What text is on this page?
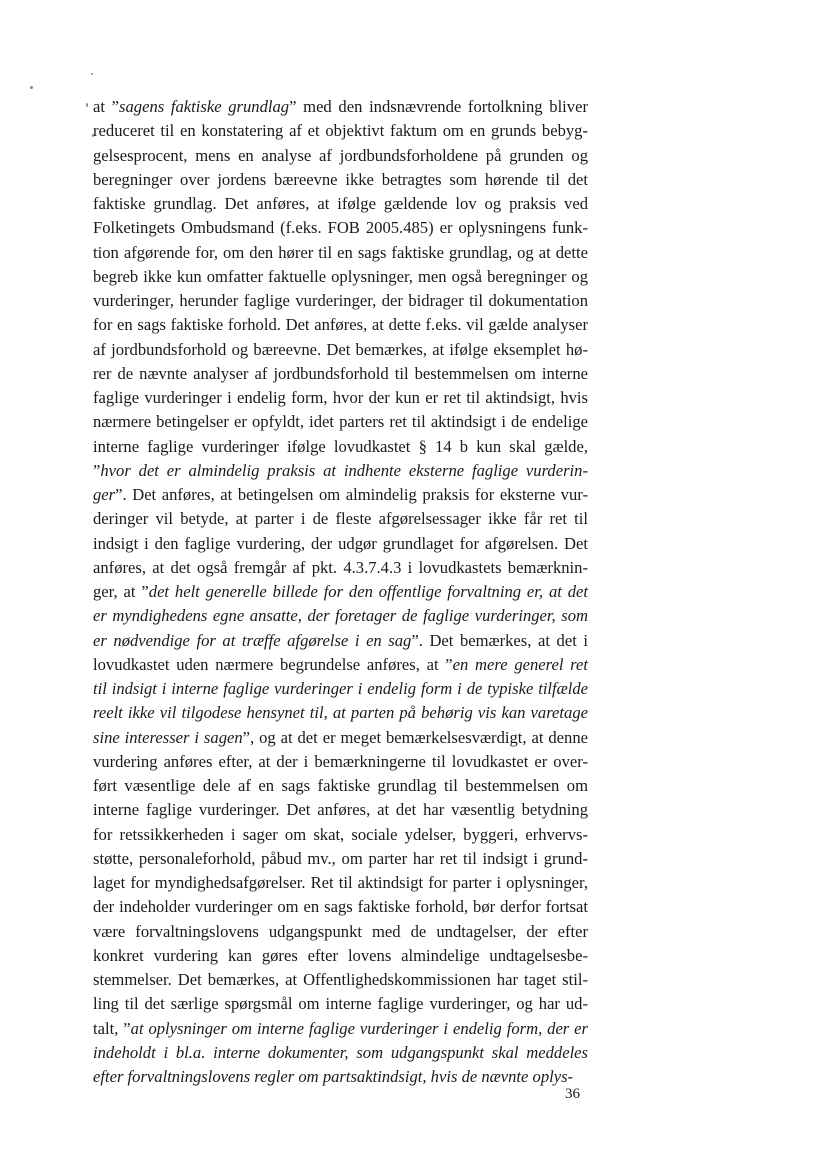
at ”sagens faktiske grundlag” med den indsnævrende fortolkning bliver
reduceret til en konstatering af et objektivt faktum om en grunds bebyg-
gelsesprocent, mens en analyse af jordbundsforholdene på grunden og
beregninger over jordens bæreevne ikke betragtes som hørende til det
faktiske grundlag. Det anføres, at ifølge gældende lov og praksis ved
Folketingets Ombudsmand (f.eks. FOB 2005.485) er oplysningens funk-
tion afgørende for, om den hører til en sags faktiske grundlag, og at dette
begreb ikke kun omfatter faktuelle oplysninger, men også beregninger og
vurderinger, herunder faglige vurderinger, der bidrager til dokumentation
for en sags faktiske forhold. Det anføres, at dette f.eks. vil gælde analyser
af jordbundsforhold og bæreevne. Det bemærkes, at ifølge eksemplet hø-
rer de nævnte analyser af jordbundsforhold til bestemmelsen om interne
faglige vurderinger i endelig form, hvor der kun er ret til aktindsigt, hvis
nærmere betingelser er opfyldt, idet parters ret til aktindsigt i de endelige
interne faglige vurderinger ifølge lovudkastet § 14 b kun skal gælde,
”hvor det er almindelig praksis at indhente eksterne faglige vurderin-
ger”. Det anføres, at betingelsen om almindelig praksis for eksterne vur-
deringer vil betyde, at parter i de fleste afgørelsessager ikke får ret til
indsigt i den faglige vurdering, der udgør grundlaget for afgørelsen. Det
anføres, at det også fremgår af pkt. 4.3.7.4.3 i lovudkastets bemærknin-
ger, at ”det helt generelle billede for den offentlige forvaltning er, at det
er myndighedens egne ansatte, der foretager de faglige vurderinger, som
er nødvendige for at træffe afgørelse i en sag”. Det bemærkes, at det i
lovudkastet uden nærmere begrundelse anføres, at ”en mere generel ret
til indsigt i interne faglige vurderinger i endelig form i de typiske tilfælde
reelt ikke vil tilgodese hensynet til, at parten på behørig vis kan varetage
sine interesser i sagen”, og at det er meget bemærkelsesværdigt, at denne
vurdering anføres efter, at der i bemærkningerne til lovudkastet er over-
ført væsentlige dele af en sags faktiske grundlag til bestemmelsen om
interne faglige vurderinger. Det anføres, at det har væsentlig betydning
for retssikkerheden i sager om skat, sociale ydelser, byggeri, erhvervs-
støtte, personaleforhold, påbud mv., om parter har ret til indsigt i grund-
laget for myndighedsafgørelser. Ret til aktindsigt for parter i oplysninger,
der indeholder vurderinger om en sags faktiske forhold, bør derfor fortsat
være forvaltningslovens udgangspunkt med de undtagelser, der efter
konkret vurdering kan gøres efter lovens almindelige undtagelsesbe-
stemmelser. Det bemærkes, at Offentlighedskommissionen har taget stil-
ling til det særlige spørgsmål om interne faglige vurderinger, og har ud-
talt, ”at oplysninger om interne faglige vurderinger i endelig form, der er
indeholdt i bl.a. interne dokumenter, som udgangspunkt skal meddeles
efter forvaltningslovens regler om partsaktindsigt, hvis de nævnte oplys-
36
